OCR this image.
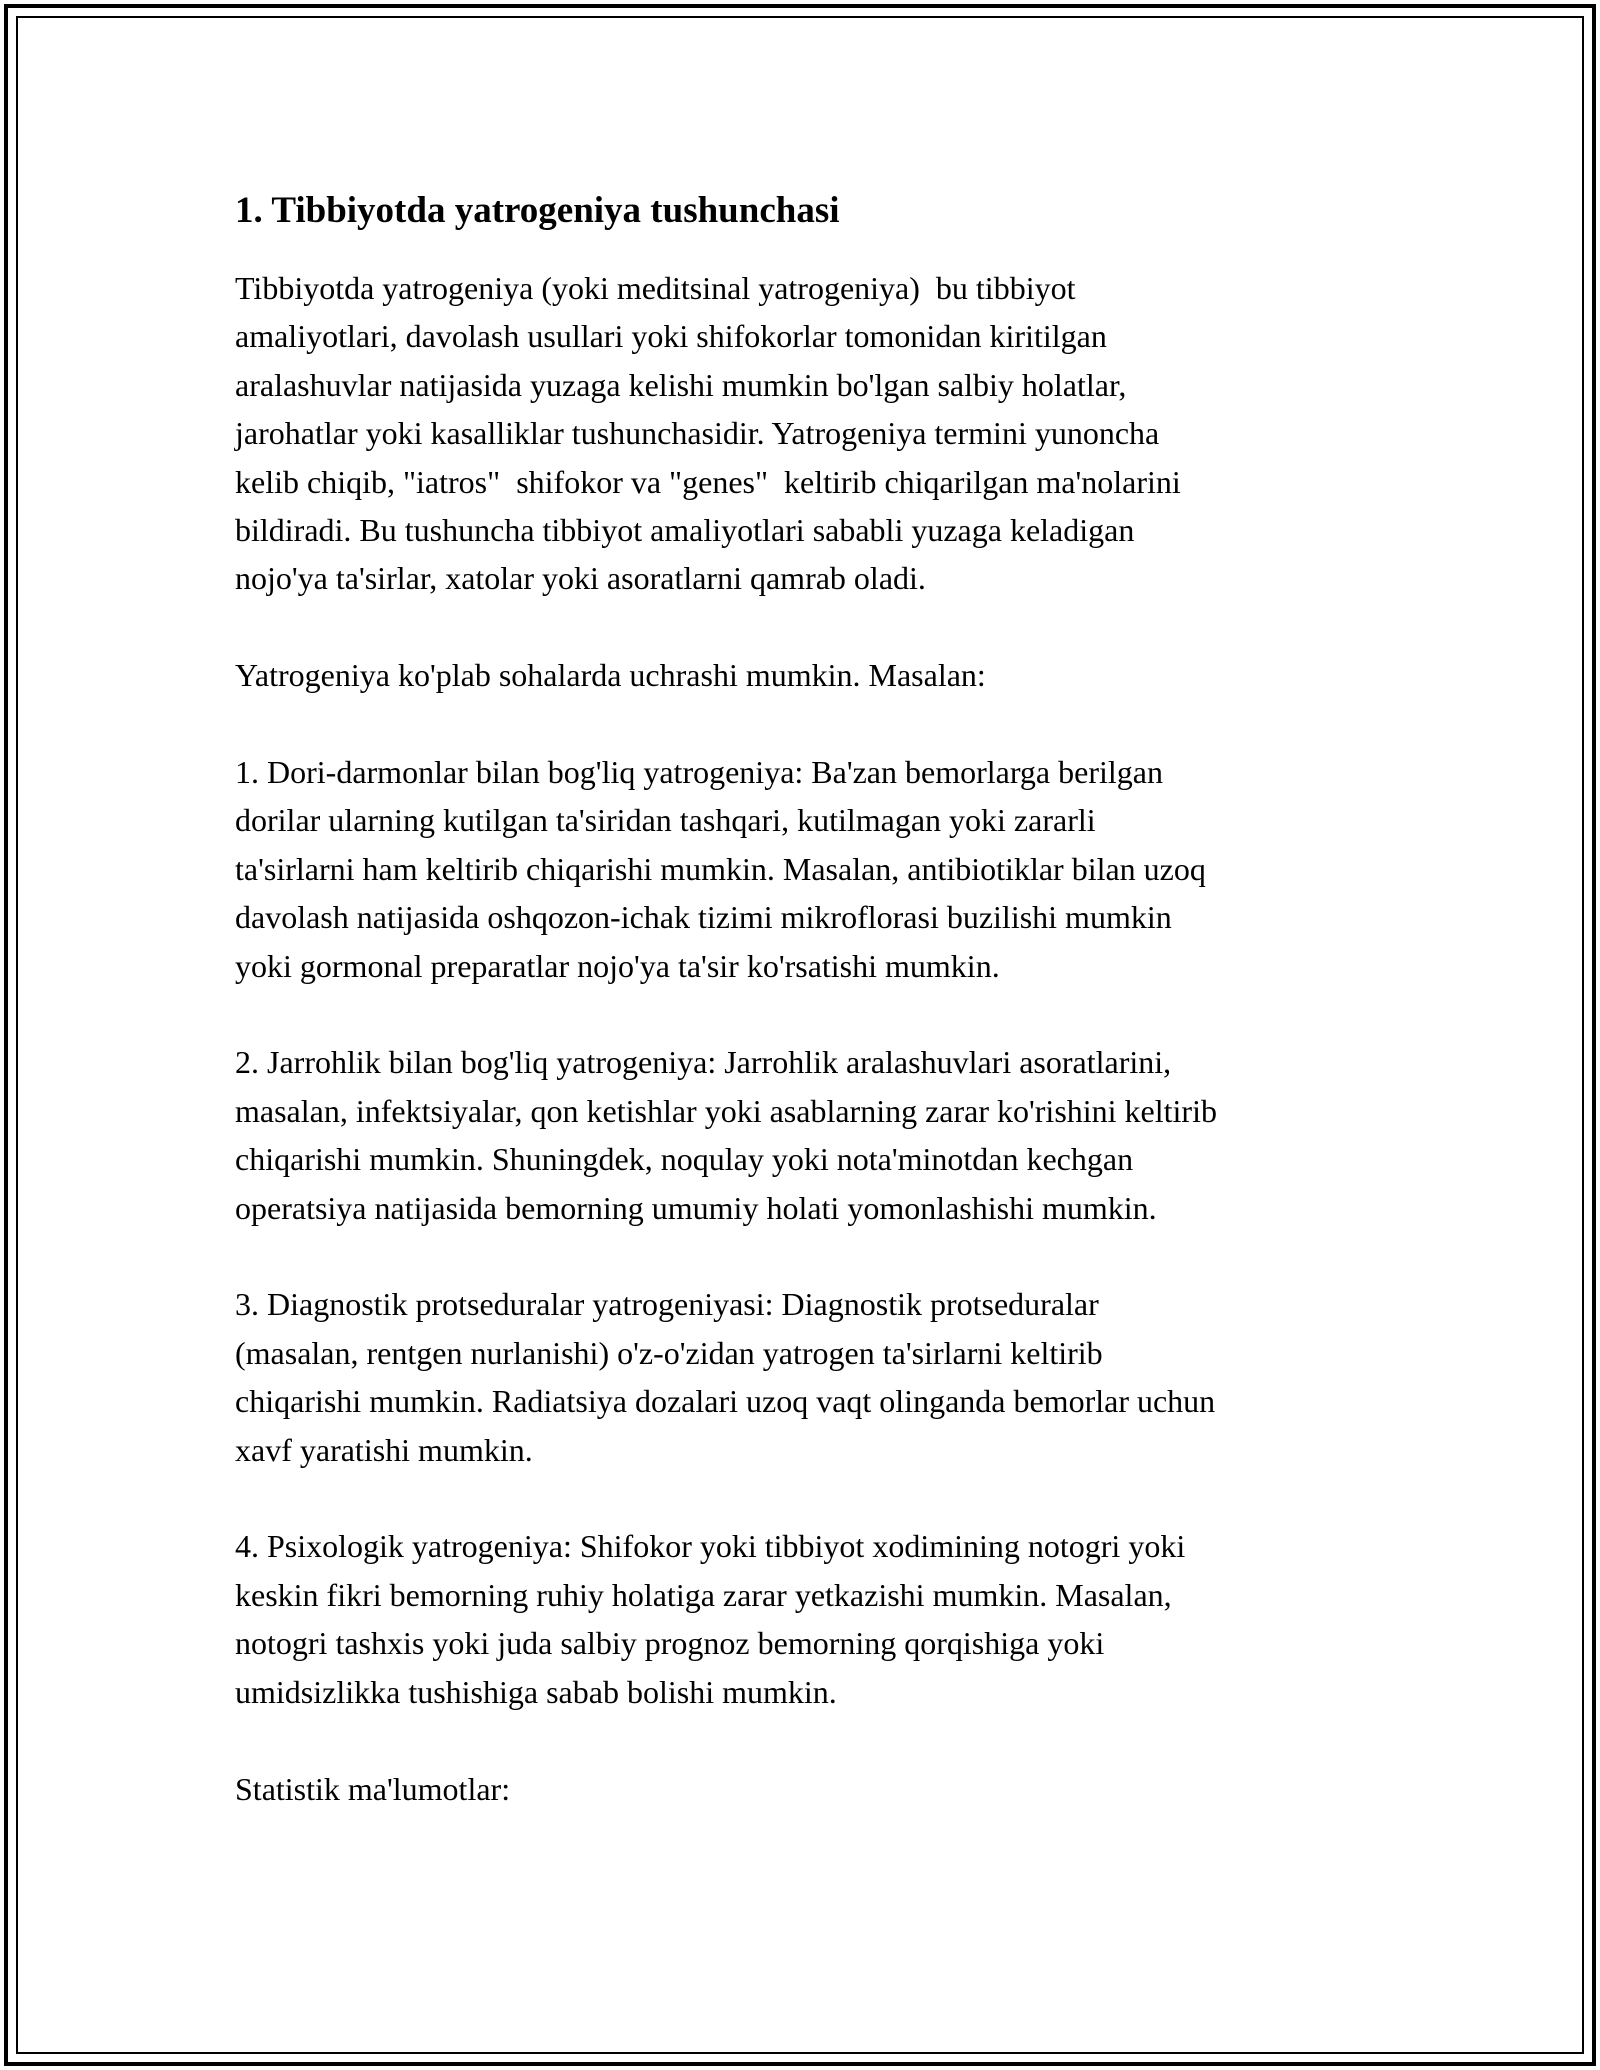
1. Tibbiyotda yatrogeniya tushunchasi

Tibbiyotda yatrogeniya (yoki meditsinal yatrogeniya)  bu tibbiyot
amaliyotlari, davolash usullari yoki shifokorlar tomonidan kiritilgan
aralashuvlar natijasida yuzaga kelishi mumkin bo'lgan salbiy holatlar,
jarohatlar yoki kasalliklar tushunchasidir. Yatrogeniya termini yunoncha
kelib chiqib, "iatros"  shifokor va "genes"  keltirib chiqarilgan ma'nolarini
bildiradi. Bu tushuncha tibbiyot amaliyotlari sababli yuzaga keladigan
nojo'ya ta'sirlar, xatolar yoki asoratlarni qamrab oladi.

Yatrogeniya ko'plab sohalarda uchrashi mumkin. Masalan:

1. Dori-darmonlar bilan bog'liq yatrogeniya: Ba'zan bemorlarga berilgan
dorilar ularning kutilgan ta'siridan tashqari, kutilmagan yoki zararli
ta'sirlarni ham keltirib chiqarishi mumkin. Masalan, antibiotiklar bilan uzoq
davolash natijasida oshqozon-ichak tizimi mikroflorasi buzilishi mumkin
yoki gormonal preparatlar nojo'ya ta'sir ko'rsatishi mumkin.

2. Jarrohlik bilan bog'liq yatrogeniya: Jarrohlik aralashuvlari asoratlarini,
masalan, infektsiyalar, qon ketishlar yoki asablarning zarar ko'rishini keltirib
chiqarishi mumkin. Shuningdek, noqulay yoki nota'minotdan kechgan
operatsiya natijasida bemorning umumiy holati yomonlashishi mumkin.

3. Diagnostik protseduralar yatrogeniyasi: Diagnostik protseduralar
(masalan, rentgen nurlanishi) o'z-o'zidan yatrogen ta'sirlarni keltirib
chiqarishi mumkin. Radiatsiya dozalari uzoq vaqt olinganda bemorlar uchun
xavf yaratishi mumkin.

4. Psixologik yatrogeniya: Shifokor yoki tibbiyot xodimining notogri yoki
keskin fikri bemorning ruhiy holatiga zarar yetkazishi mumkin. Masalan,
notogri tashxis yoki juda salbiy prognoz bemorning qorqishiga yoki
umidsizlikka tushishiga sabab bolishi mumkin.

Statistik ma'lumotlar:
